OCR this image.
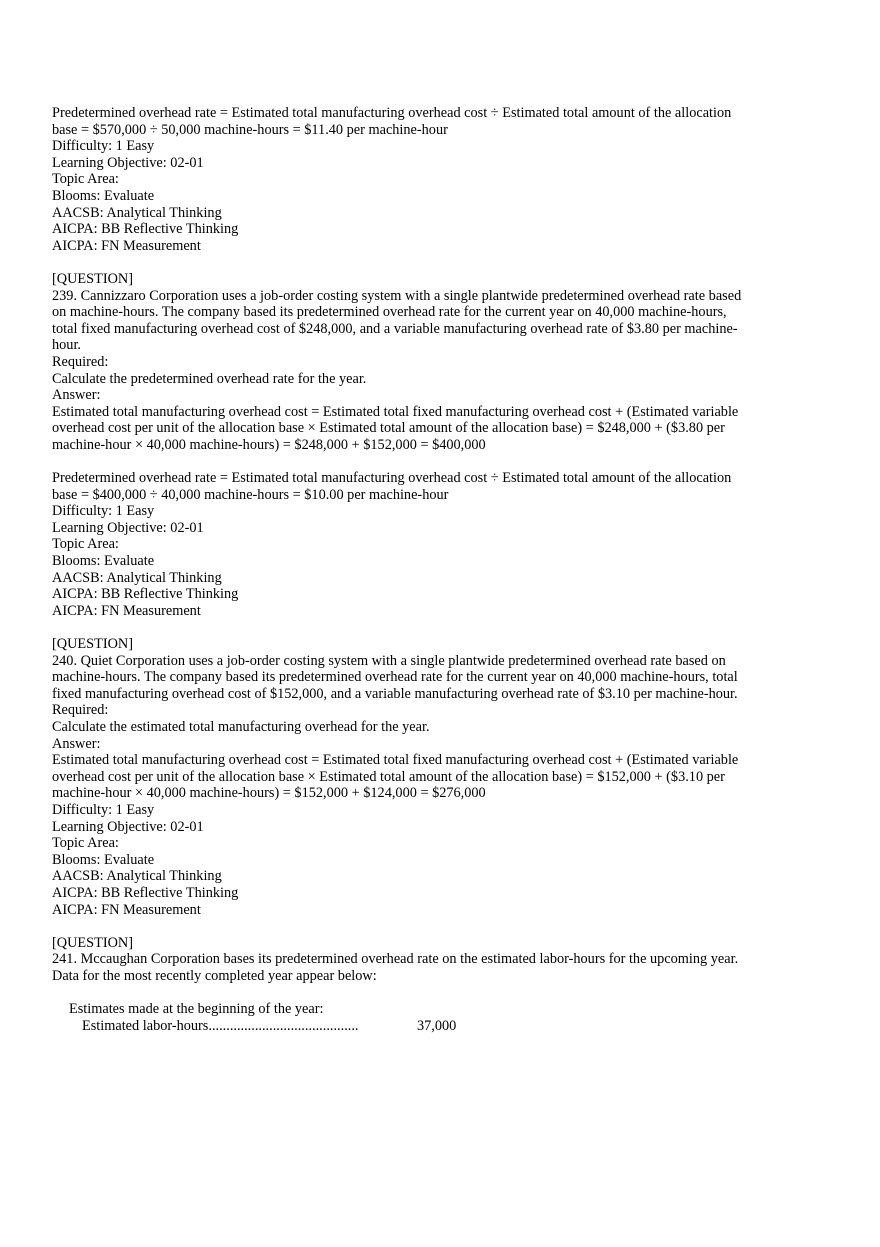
Predetermined overhead rate = Estimated total manufacturing overhead cost ÷ Estimated total amount of the allocation base = $570,000 ÷ 50,000 machine-hours = $11.40 per machine-hour

Difficulty: 1 Easy
Learning Objective: 02-01
Topic Area:
Blooms: Evaluate
AACSB: Analytical Thinking
AICPA: BB Reflective Thinking
AICPA: FN Measurement
[QUESTION]

239. Cannizzaro Corporation uses a job-order costing system with a single plantwide predetermined overhead rate based on machine-hours. The company based its predetermined overhead rate for the current year on 40,000 machine-hours, total fixed manufacturing overhead cost of $248,000, and a variable manufacturing overhead rate of $3.80 per machine-hour.

Required:
Calculate the predetermined overhead rate for the year.
Answer:

Estimated total manufacturing overhead cost = Estimated total fixed manufacturing overhead cost + (Estimated variable overhead cost per unit of the allocation base × Estimated total amount of the allocation base) = $248,000 + ($3.80 per machine-hour × 40,000 machine-hours) = $248,000 + $152,000 = $400,000

Predetermined overhead rate = Estimated total manufacturing overhead cost ÷ Estimated total amount of the allocation base = $400,000 ÷ 40,000 machine-hours = $10.00 per machine-hour

Difficulty: 1 Easy
Learning Objective: 02-01
Topic Area:
Blooms: Evaluate
AACSB: Analytical Thinking
AICPA: BB Reflective Thinking
AICPA: FN Measurement
[QUESTION]

240. Quiet Corporation uses a job-order costing system with a single plantwide predetermined overhead rate based on machine-hours. The company based its predetermined overhead rate for the current year on 40,000 machine-hours, total fixed manufacturing overhead cost of $152,000, and a variable manufacturing overhead rate of $3.10 per machine-hour.

Required:
Calculate the estimated total manufacturing overhead for the year.
Answer:

Estimated total manufacturing overhead cost = Estimated total fixed manufacturing overhead cost + (Estimated variable overhead cost per unit of the allocation base × Estimated total amount of the allocation base) = $152,000 + ($3.10 per machine-hour × 40,000 machine-hours) = $152,000 + $124,000 = $276,000

Difficulty: 1 Easy
Learning Objective: 02-01
Topic Area:
Blooms: Evaluate
AACSB: Analytical Thinking
AICPA: BB Reflective Thinking
AICPA: FN Measurement
[QUESTION]

241. Mccaughan Corporation bases its predetermined overhead rate on the estimated labor-hours for the upcoming year. Data for the most recently completed year appear below:

Estimates made at the beginning of the year:
Estimated labor-hours..........................................	37,000
